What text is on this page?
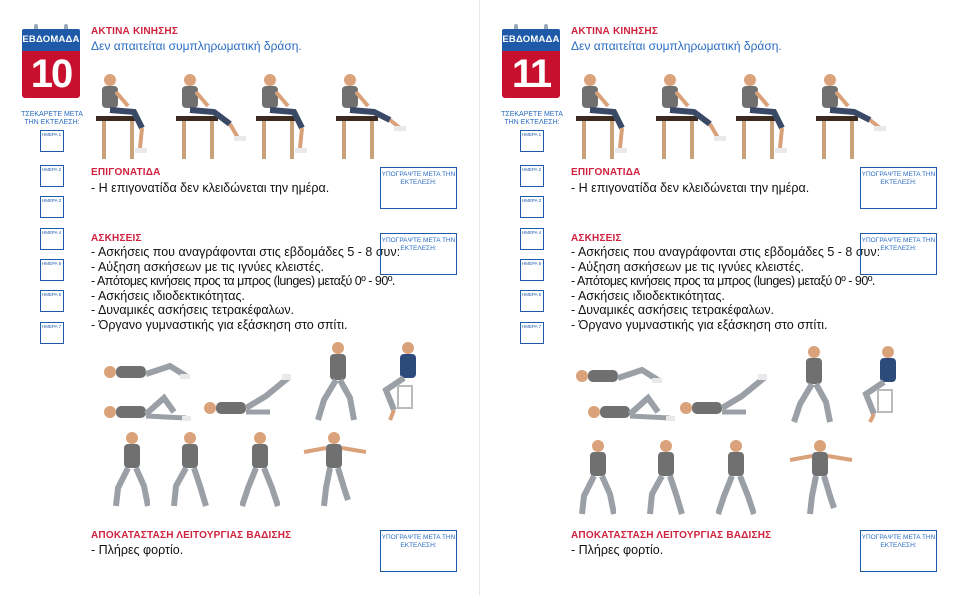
ΕΒΔΟΜΑΔΑ
10
ΑΚΤΙΝΑ ΚΙΝΗΣΗΣ
Δεν απαιτείται συμπληρωματική δράση.
ΤΣΕΚΑΡΕΤΕ ΜΕΤΑ ΤΗΝ ΕΚΤΕΛΕΣΗ:
ΗΜΕΡΑ 1
ΗΜΕΡΑ 2
ΗΜΕΡΑ 3
ΗΜΕΡΑ 4
ΗΜΕΡΑ 5
ΗΜΕΡΑ 6
ΗΜΕΡΑ 7
ΕΠΙΓΟΝΑΤΙΔΑ
- Η επιγονατίδα δεν κλειδώνεται την ημέρα.
ΥΠΟΓΡΑΨΤΕ ΜΕΤΑ ΤΗΝ ΕΚΤΕΛΕΣΗ:
ΑΣΚΗΣΕΙΣ
- Ασκήσεις που αναγράφονται στις εβδομάδες 5 - 8 συν:
- Αύξηση ασκήσεων με τις ιγνύες κλειστές.
- Απότομες κινήσεις προς τα μπρος (lunges) μεταξύ 0º - 90º.
- Ασκήσεις ιδιοδεκτικότητας.
- Δυναμικές ασκήσεις τετρακέφαλων.
- Όργανο γυμναστικής για εξάσκηση στο σπίτι.
ΥΠΟΓΡΑΨΤΕ ΜΕΤΑ ΤΗΝ ΕΚΤΕΛΕΣΗ:
ΑΠΟΚΑΤΑΣΤΑΣΗ ΛΕΙΤΟΥΡΓΙΑΣ ΒΑΔΙΣΗΣ
- Πλήρες φορτίο.
ΥΠΟΓΡΑΨΤΕ ΜΕΤΑ ΤΗΝ ΕΚΤΕΛΕΣΗ:
ΕΒΔΟΜΑΔΑ
11
ΑΚΤΙΝΑ ΚΙΝΗΣΗΣ
Δεν απαιτείται συμπληρωματική δράση.
ΤΣΕΚΑΡΕΤΕ ΜΕΤΑ ΤΗΝ ΕΚΤΕΛΕΣΗ:
ΗΜΕΡΑ 1
ΗΜΕΡΑ 2
ΗΜΕΡΑ 3
ΗΜΕΡΑ 4
ΗΜΕΡΑ 5
ΗΜΕΡΑ 6
ΗΜΕΡΑ 7
ΕΠΙΓΟΝΑΤΙΔΑ
- Η επιγονατίδα δεν κλειδώνεται την ημέρα.
ΥΠΟΓΡΑΨΤΕ ΜΕΤΑ ΤΗΝ ΕΚΤΕΛΕΣΗ:
ΑΣΚΗΣΕΙΣ
- Ασκήσεις που αναγράφονται στις εβδομάδες 5 - 8 συν:
- Αύξηση ασκήσεων με τις ιγνύες κλειστές.
- Απότομες κινήσεις προς τα μπρος (lunges) μεταξύ 0º - 90º.
- Ασκήσεις ιδιοδεκτικότητας.
- Δυναμικές ασκήσεις τετρακέφαλων.
- Όργανο γυμναστικής για εξάσκηση στο σπίτι.
ΥΠΟΓΡΑΨΤΕ ΜΕΤΑ ΤΗΝ ΕΚΤΕΛΕΣΗ:
ΑΠΟΚΑΤΑΣΤΑΣΗ ΛΕΙΤΟΥΡΓΙΑΣ ΒΑΔΙΣΗΣ
- Πλήρες φορτίο.
ΥΠΟΓΡΑΨΤΕ ΜΕΤΑ ΤΗΝ ΕΚΤΕΛΕΣΗ:
